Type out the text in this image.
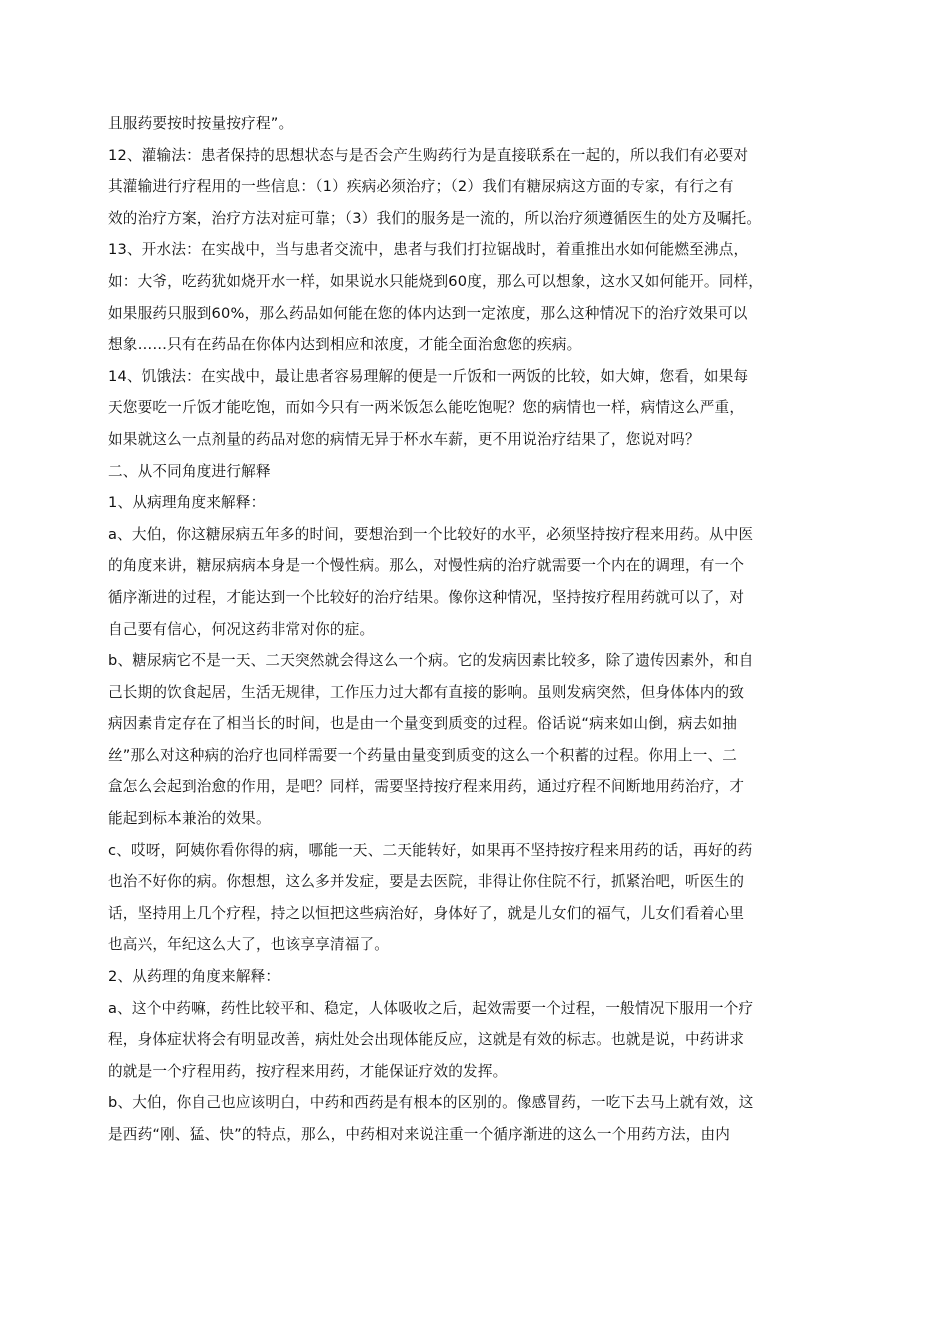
且服药要按时按量按疗程”。
12、灌输法：患者保持的思想状态与是否会产生购药行为是直接联系在一起的，所以我们有必要对
其灌输进行疗程用的一些信息：（1）疾病必须治疗；（2）我们有糖尿病这方面的专家，有行之有
效的治疗方案，治疗方法对症可靠；（3）我们的服务是一流的，所以治疗须遵循医生的处方及嘱托。
13、开水法：在实战中，当与患者交流中，患者与我们打拉锯战时，着重推出水如何能燃至沸点，
如：大爷，吃药犹如烧开水一样，如果说水只能烧到60度，那么可以想象，这水又如何能开。同样，
如果服药只服到60%，那么药品如何能在您的体内达到一定浓度，那么这种情况下的治疗效果可以
想象……只有在药品在你体内达到相应和浓度，才能全面治愈您的疾病。
14、饥饿法：在实战中，最让患者容易理解的便是一斤饭和一两饭的比较，如大婶，您看，如果每
天您要吃一斤饭才能吃饱，而如今只有一两米饭怎么能吃饱呢？您的病情也一样，病情这么严重，
如果就这么一点剂量的药品对您的病情无异于杯水车薪，更不用说治疗结果了，您说对吗？
二、从不同角度进行解释
1、从病理角度来解释：
a、大伯，你这糖尿病五年多的时间，要想治到一个比较好的水平，必须坚持按疗程来用药。从中医
的角度来讲，糖尿病病本身是一个慢性病。那么，对慢性病的治疗就需要一个内在的调理，有一个
循序渐进的过程，才能达到一个比较好的治疗结果。像你这种情况，坚持按疗程用药就可以了，对
自己要有信心，何况这药非常对你的症。
b、糖尿病它不是一天、二天突然就会得这么一个病。它的发病因素比较多，除了遗传因素外，和自
己长期的饮食起居，生活无规律，工作压力过大都有直接的影响。虽则发病突然，但身体体内的致
病因素肯定存在了相当长的时间，也是由一个量变到质变的过程。俗话说“病来如山倒，病去如抽
丝”那么对这种病的治疗也同样需要一个药量由量变到质变的这么一个积蓄的过程。你用上一、二
盒怎么会起到治愈的作用，是吧？同样，需要坚持按疗程来用药，通过疗程不间断地用药治疗，才
能起到标本兼治的效果。
c、哎呀，阿姨你看你得的病，哪能一天、二天能转好，如果再不坚持按疗程来用药的话，再好的药
也治不好你的病。你想想，这么多并发症，要是去医院，非得让你住院不行，抓紧治吧，听医生的
话，坚持用上几个疗程，持之以恒把这些病治好，身体好了，就是儿女们的福气，儿女们看着心里
也高兴，年纪这么大了，也该享享清福了。
2、从药理的角度来解释：
a、这个中药嘛，药性比较平和、稳定，人体吸收之后，起效需要一个过程，一般情况下服用一个疗
程，身体症状将会有明显改善，病灶处会出现体能反应，这就是有效的标志。也就是说，中药讲求
的就是一个疗程用药，按疗程来用药，才能保证疗效的发挥。
b、大伯，你自己也应该明白，中药和西药是有根本的区别的。像感冒药，一吃下去马上就有效，这
是西药“刚、猛、快”的特点，那么，中药相对来说注重一个循序渐进的这么一个用药方法，由内
